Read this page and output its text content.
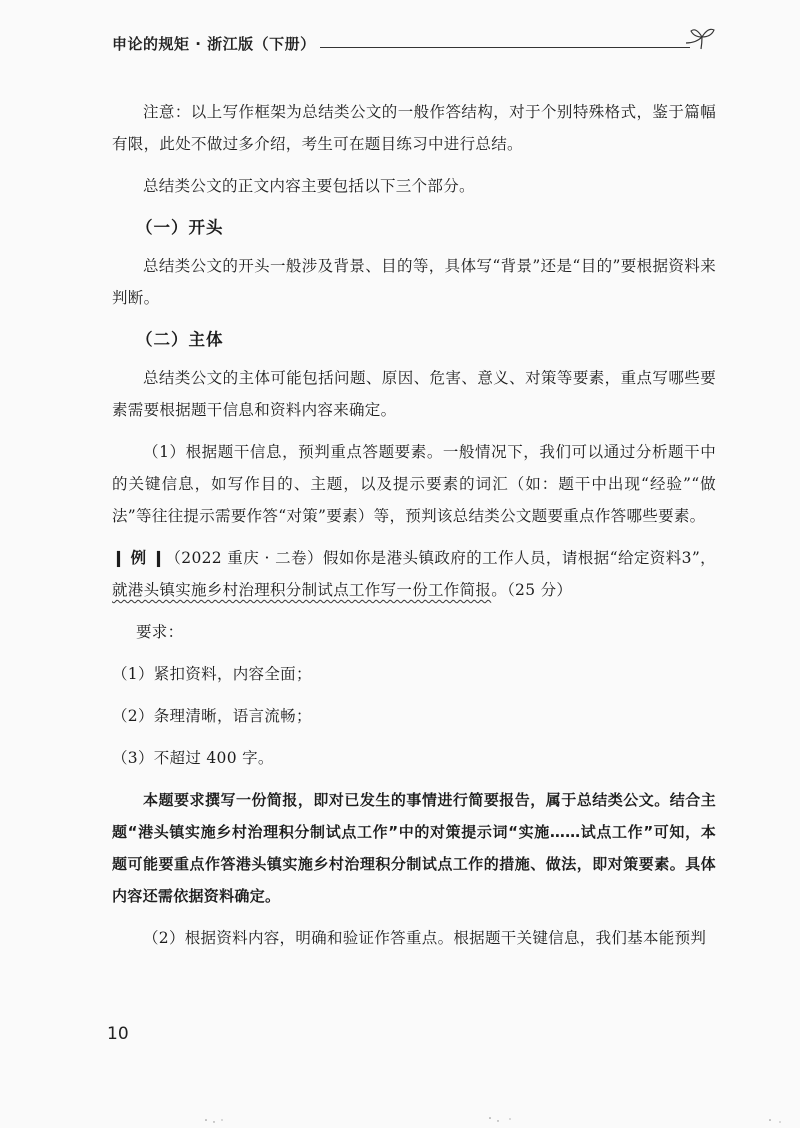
申论的规矩 · 浙江版（下册）

注意：以上写作框架为总结类公文的一般作答结构，对于个别特殊格式，鉴于篇幅有限，此处不做过多介绍，考生可在题目练习中进行总结。

总结类公文的正文内容主要包括以下三个部分。

（一）开头

总结类公文的开头一般涉及背景、目的等，具体写“背景”还是“目的”要根据资料来判断。

（二）主体

总结类公文的主体可能包括问题、原因、危害、意义、对策等要素，重点写哪些要素需要根据题干信息和资料内容来确定。

（1）根据题干信息，预判重点答题要素。一般情况下，我们可以通过分析题干中的关键信息，如写作目的、主题，以及提示要素的词汇（如：题干中出现“经验”“做法”等往往提示需要作答“对策”要素）等，预判该总结类公文题要重点作答哪些要素。

❙ 例 ❙（2022 重庆 · 二卷）假如你是港头镇政府的工作人员，请根据“给定资料3”，就港头镇实施乡村治理积分制试点工作写一份工作简报。（25 分）

要求：

（1）紧扣资料，内容全面；

（2）条理清晰，语言流畅；

（3）不超过 400 字。

本题要求撰写一份简报，即对已发生的事情进行简要报告，属于总结类公文。结合主题“港头镇实施乡村治理积分制试点工作”中的对策提示词“实施……试点工作”可知，本题可能要重点作答港头镇实施乡村治理积分制试点工作的措施、做法，即对策要素。具体内容还需依据资料确定。

（2）根据资料内容，明确和验证作答重点。根据题干关键信息，我们基本能预判

10
